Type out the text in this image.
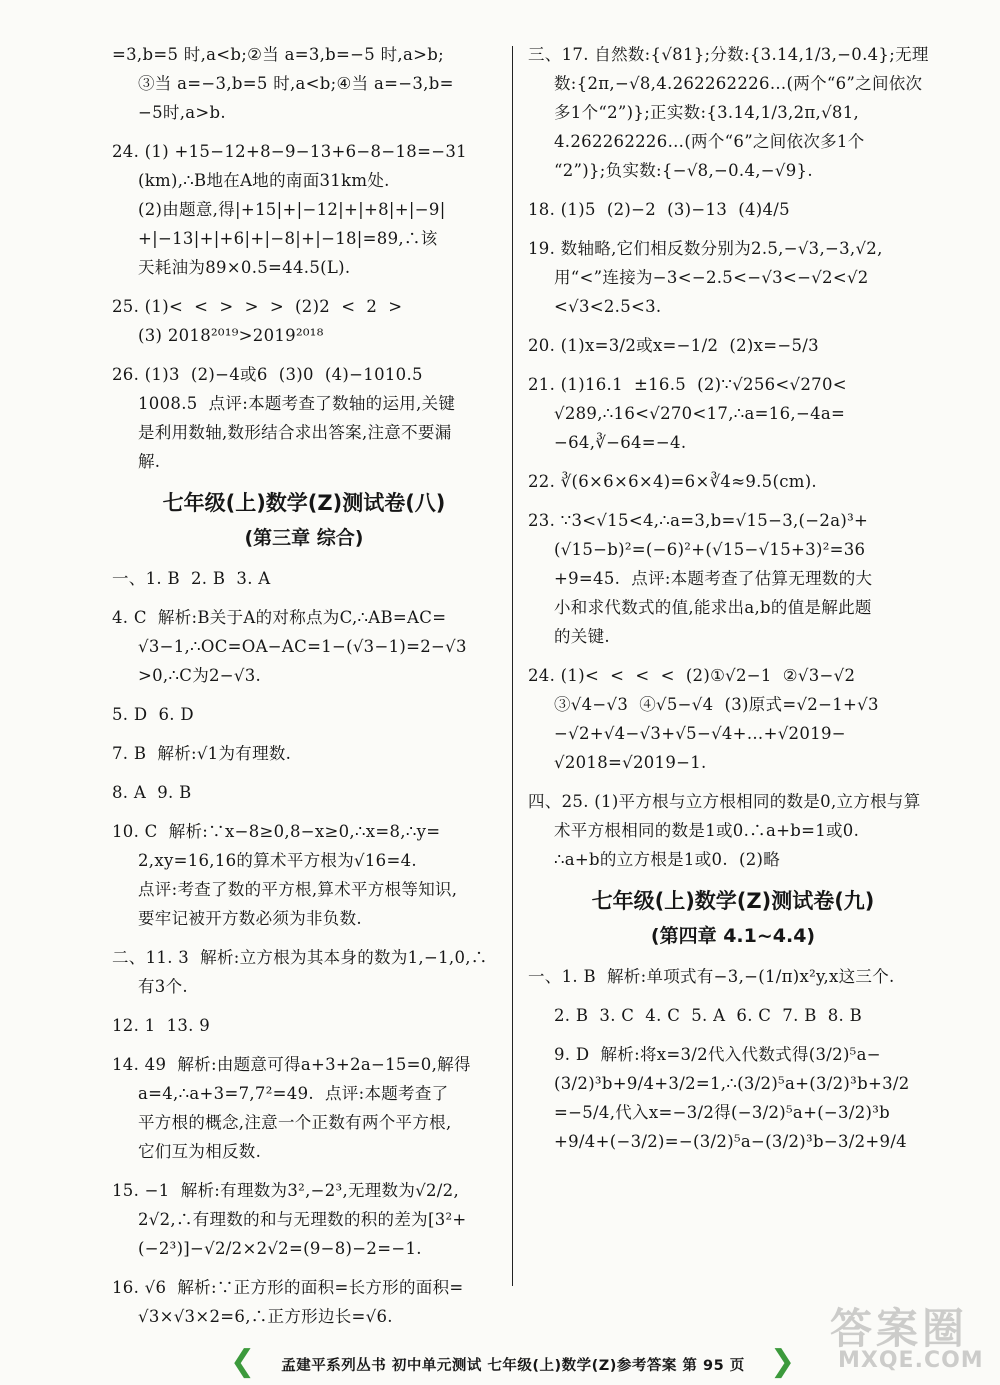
=3,b=5 时,a<b;②当 a=3,b=−5 时,a>b;
③当 a=−3,b=5 时,a<b;④当 a=−3,b=
−5时,a>b.
24. (1) +15−12+8−9−13+6−8−18=−31
(km),∴B地在A地的南面31km处.
(2)由题意,得|+15|+|−12|+|+8|+|−9|
+|−13|+|+6|+|−8|+|−18|=89,∴该
天耗油为89×0.5=44.5(L).
25. (1)<  <  >  >  >  (2)2  <  2  >
(3) 2018²⁰¹⁹>2019²⁰¹⁸
26. (1)3  (2)−4或6  (3)0  (4)−1010.5
1008.5  点评:本题考查了数轴的运用,关键
是利用数轴,数形结合求出答案,注意不要漏
解.
七年级(上)数学(Z)测试卷(八)
(第三章 综合)
一、1. B  2. B  3. A
4. C  解析:B关于A的对称点为C,∴AB=AC=
√3−1,∴OC=OA−AC=1−(√3−1)=2−√3
>0,∴C为2−√3.
5. D  6. D
7. B  解析:√1为有理数.
8. A  9. B
10. C  解析:∵x−8≥0,8−x≥0,∴x=8,∴y=
2,xy=16,16的算术平方根为√16=4.
点评:考查了数的平方根,算术平方根等知识,
要牢记被开方数必须为非负数.
二、11. 3  解析:立方根为其本身的数为1,−1,0,∴
有3个.
12. 1  13. 9
14. 49  解析:由题意可得a+3+2a−15=0,解得
a=4,∴a+3=7,7²=49.  点评:本题考查了
平方根的概念,注意一个正数有两个平方根,
它们互为相反数.
15. −1  解析:有理数为3²,−2³,无理数为√2/2,
2√2,∴有理数的和与无理数的积的差为[3²+
(−2³)]−√2/2×2√2=(9−8)−2=−1.
16. √6  解析:∵正方形的面积=长方形的面积=
√3×√3×2=6,∴正方形边长=√6.
三、17. 自然数:{√81};分数:{3.14,1/3,−0.4};无理
数:{2π,−√8,4.262262226…(两个“6”之间依次
多1个“2”)};正实数:{3.14,1/3,2π,√81,
4.262262226…(两个“6”之间依次多1个
“2”)};负实数:{−√8,−0.4,−√9}.
18. (1)5  (2)−2  (3)−13  (4)4/5
19. 数轴略,它们相反数分别为2.5,−√3,−3,√2,
用“<”连接为−3<−2.5<−√3<−√2<√2
<√3<2.5<3.
20. (1)x=3/2或x=−1/2  (2)x=−5/3
21. (1)16.1  ±16.5  (2)∵√256<√270<
√289,∴16<√270<17,∴a=16,−4a=
−64,∛−64=−4.
22. ∛(6×6×6×4)=6×∛4≈9.5(cm).
23. ∵3<√15<4,∴a=3,b=√15−3,(−2a)³+
(√15−b)²=(−6)²+(√15−√15+3)²=36
+9=45.  点评:本题考查了估算无理数的大
小和求代数式的值,能求出a,b的值是解此题
的关键.
24. (1)<  <  <  <  (2)①√2−1  ②√3−√2
③√4−√3  ④√5−√4  (3)原式=√2−1+√3
−√2+√4−√3+√5−√4+…+√2019−
√2018=√2019−1.
四、25. (1)平方根与立方根相同的数是0,立方根与算
术平方根相同的数是1或0.∴a+b=1或0.
∴a+b的立方根是1或0.  (2)略
七年级(上)数学(Z)测试卷(九)
(第四章 4.1~4.4)
一、1. B  解析:单项式有−3,−(1/π)x²y,x这三个.
2. B  3. C  4. C  5. A  6. C  7. B  8. B
9. D  解析:将x=3/2代入代数式得(3/2)⁵a−
(3/2)³b+9/4+3/2=1,∴(3/2)⁵a+(3/2)³b+3/2
=−5/4,代入x=−3/2得(−3/2)⁵a+(−3/2)³b
+9/4+(−3/2)=−(3/2)⁵a−(3/2)³b−3/2+9/4
❮	孟建平系列丛书 初中单元测试 七年级(上)数学(Z)参考答案 第 95 页 ❯
答案圈
MXQE.COM
